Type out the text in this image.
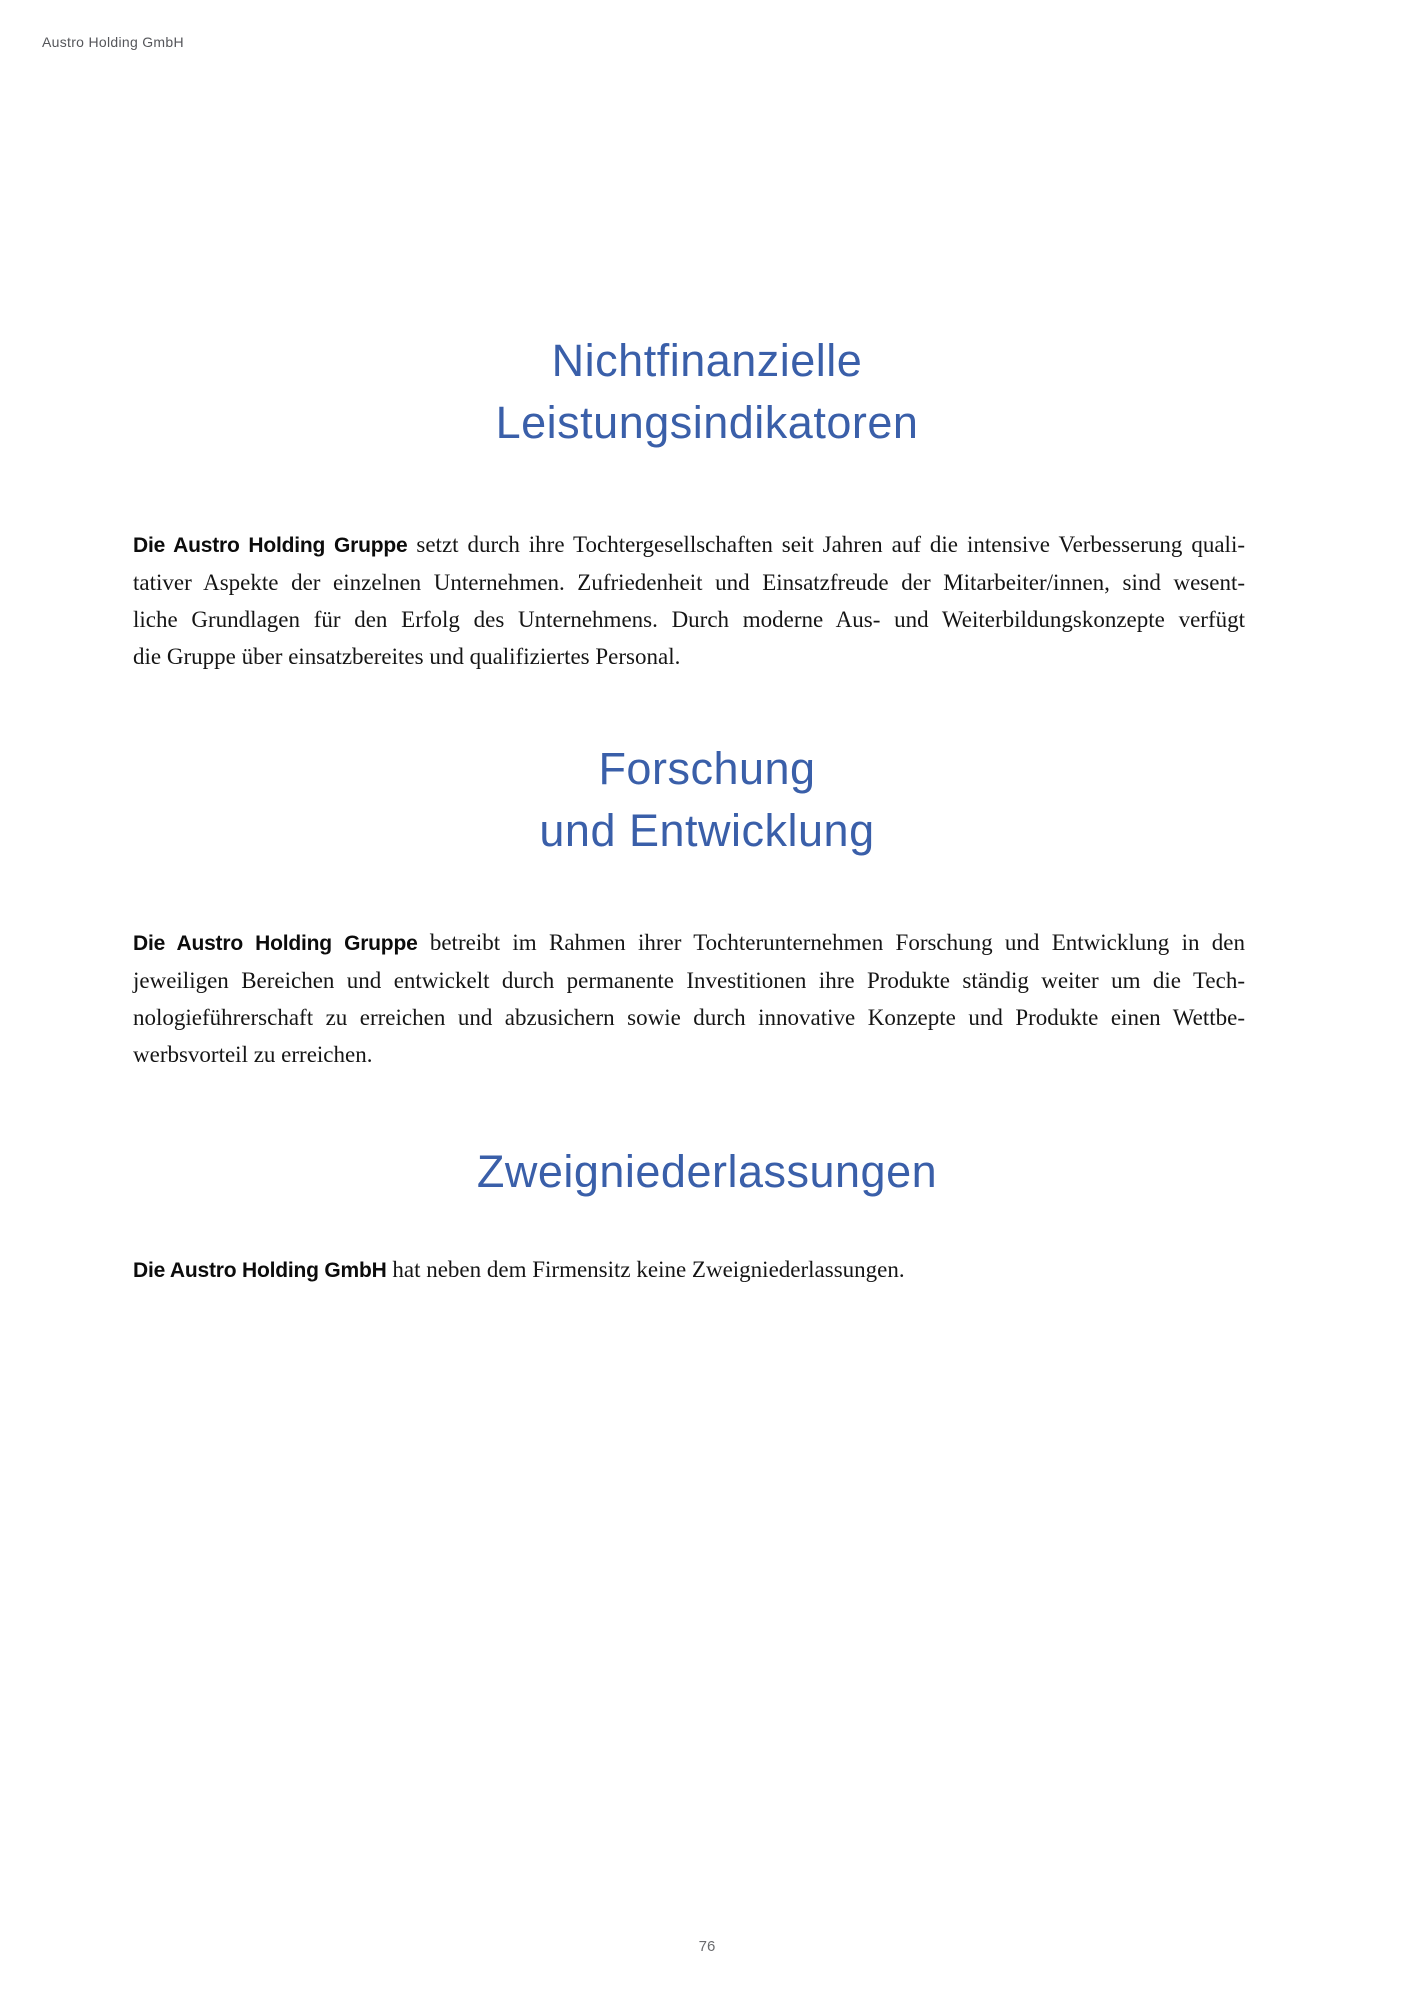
Austro Holding GmbH
Nichtfinanzielle
Leistungsindikatoren

Die Austro Holding Gruppe setzt durch ihre Tochtergesellschaften seit Jahren auf die intensive Verbesserung quali-
tativer Aspekte der einzelnen Unternehmen. Zufriedenheit und Einsatzfreude der Mitarbeiter/innen, sind wesent-
liche Grundlagen für den Erfolg des Unternehmens. Durch moderne Aus- und Weiterbildungskonzepte verfügt
die Gruppe über einsatzbereites und qualifiziertes Personal.

Forschung
und Entwicklung

Die Austro Holding Gruppe betreibt im Rahmen ihrer Tochterunternehmen Forschung und Entwicklung in den
jeweiligen Bereichen und entwickelt durch permanente Investitionen ihre Produkte ständig weiter um die Tech-
nologieführerschaft zu erreichen und abzusichern sowie durch innovative Konzepte und Produkte einen Wettbe-
werbsvorteil zu erreichen.

Zweigniederlassungen

Die Austro Holding GmbH hat neben dem Firmensitz keine Zweigniederlassungen.

76
